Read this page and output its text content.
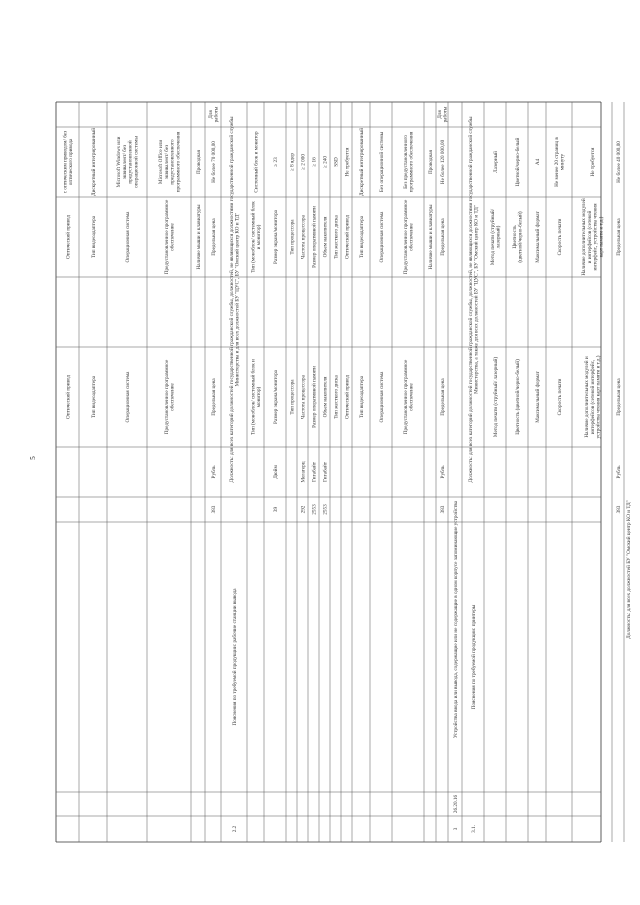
5
с оптическим приводом/ безоптического привода
Оптический привод
Оптический привод
Дискретный интегрированный
Тип видеоадаптера
Тип видеоадаптера
Microsoft Windows илиэквивалент/ безпредустановленнойоперационной системы
Операционная система
Операционная система
Microsoft Office илиэквивалент/ безпредустановленногопрограммного обеспечения
Предустановленное программноеобеспечение
Предустановленное программноеобеспечение
Проводная
Наличие мыши и клавиатуры
Дляработы
Не более 70 000,00
Предельная цена
Предельная цена
Рубль
383
2.2
Пояснения по требуемой продукции: рабочие станции вывода
Должность: для всех категорий должностей государственной гражданской службы, должностей, не являющихся должностями государственной гражданской службыМинистерства и для всех должностей БУ "ЦУС", БУ "Омский центр КО и ТД"
Системный блок и монитор
Тип (моноблок/ системный блоки монитор)
Тип (моноблок/ системный блок имонитор)
≥ 23
Размер экрана/монитора
Размер экрана/монитора
Дюйм
39
≥ 8 ядер
Тип процессора
Тип процессора
≥ 2 000
Частота процессора
Частота процессора
Мегагерц
292
≥ 16
Размер оперативной памяти
Размер оперативной памяти
Гигабайт
2553
≥ 240
Объем накопителя
Объем накопителя
Гигабайт
2553
SSD
Тип жесткого диска
Тип жесткого диска
Не требуется
Оптический привод
Оптический привод
Дискретный интегрированный
Тип видеоадаптера
Тип видеоадаптера
Без операционной системы
Операционная система
Операционная система
Без предустановленногопрограммного обеспечения
Предустановленное программноеобеспечение
Предустановленное программноеобеспечение
Проводная
Наличие мыши и клавиатуры
Дляработы
Не более 120 000,00
Предельная цена
Предельная цена
Рубль
383
3
26.20.16
Устройства ввода или вывода, содержащие или не содержащие в одном корпусе запоминающие устройства
3.1.
Пояснения по требуемой продукции: принтеры
Должность: для всех категорий должностей государственной гражданской службы, должностей, не являющихся должностями государственной гражданской службыМинистерства, а также для всех должностей БУ "ЦУС", БУ "Омский центр КО и ТД"
Лазерный
Метод печати (струйный/лазерный)
Метод печати (струйный/ лазерный)
Цветной/черно-белый
Цветность(цветной/черно-белый)
Цветность (цветной/черно-белый)
A4
Максимальный формат
Максимальный формат
Не менее 20 страниц вминуту
Скорость печати
Скорость печати
Не требуется
Наличие дополнительных модулейи интерфейсов (сетевойинтерфейс, устройства чтениякарт памяти и т.д.)
Наличие дополнительных модулей иинтерфейсов (сетевой интерфейс,устройства чтения карт памяти и т.д.)
Не более 40 000,00
Предельная цена
Предельная цена
Рубль
383 Должность: для всех должностей БУ "Омский центр КО и ТД"
